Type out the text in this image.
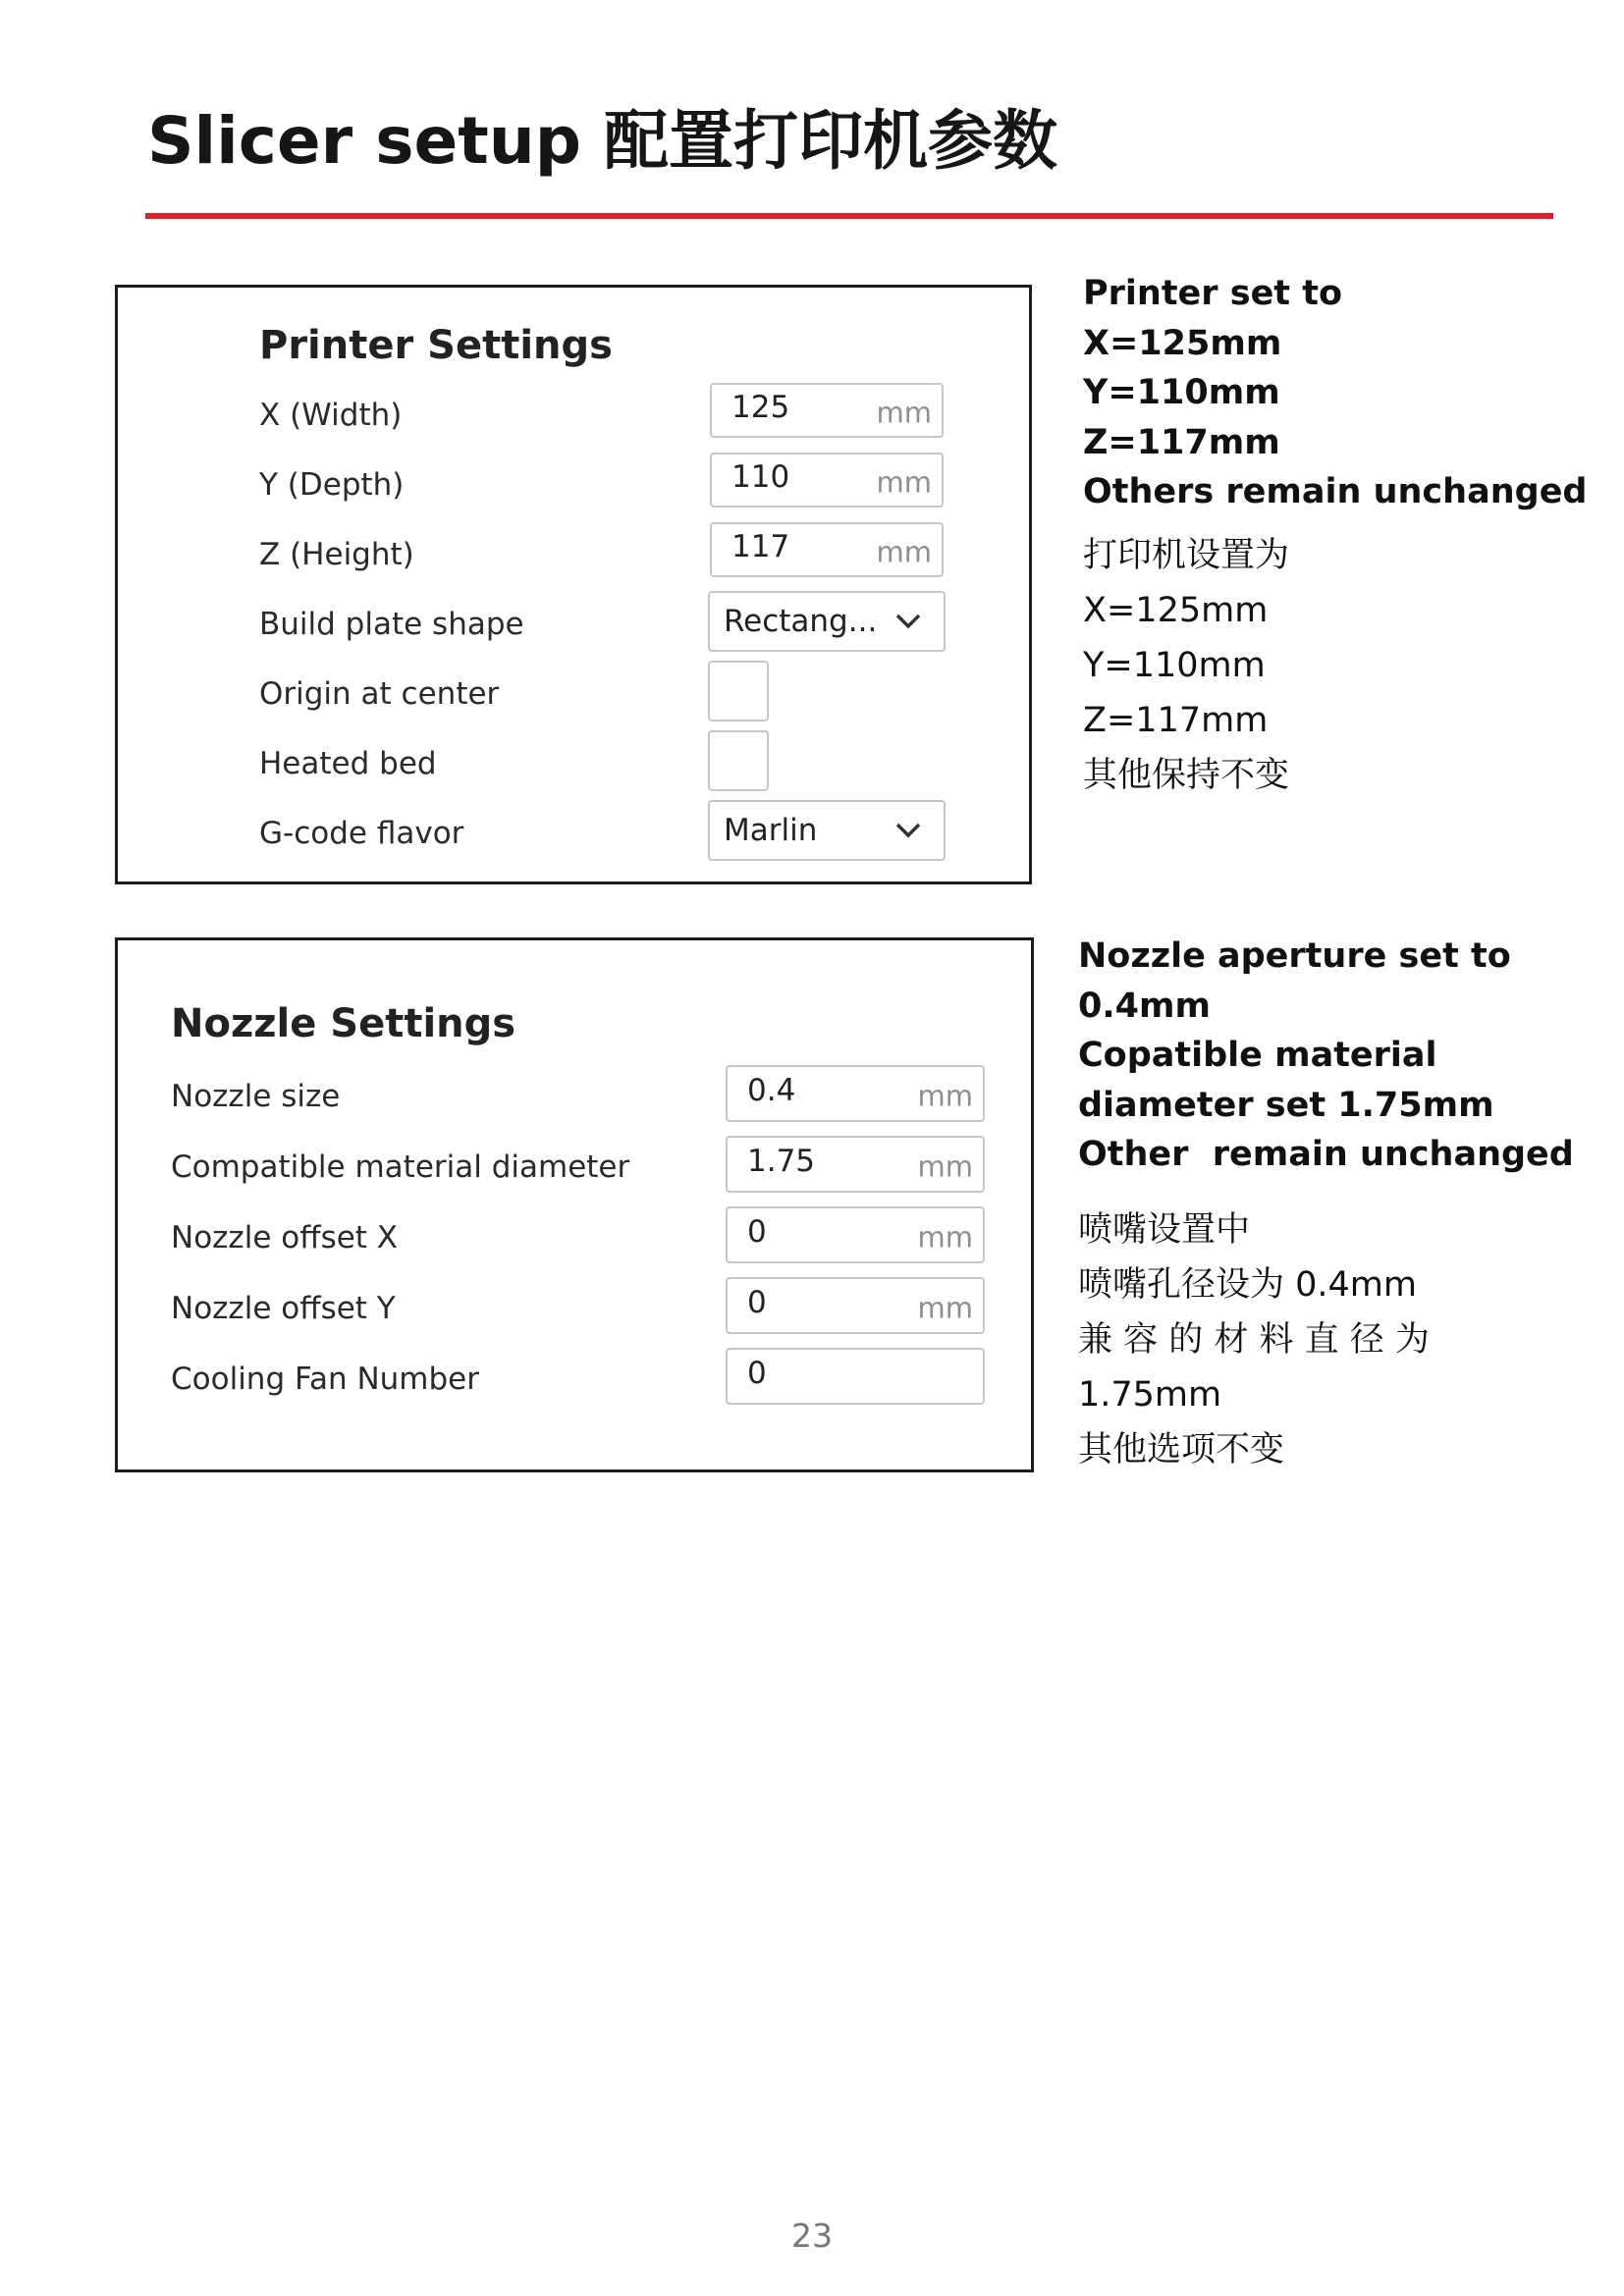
Slicer setup 配置打印机参数
Printer Settings
X (Width)	125	mm
Y (Depth)	110	mm
Z (Height)	117	mm
Build plate shape	Rectang...
Origin at center
Heated bed
G-code flavor	Marlin
Nozzle Settings
Nozzle size	0.4	mm
Compatible material diameter	1.75	mm
Nozzle offset X	0	mm
Nozzle offset Y	0	mm
Cooling Fan Number	0
Printer set to
X=125mm
Y=110mm
Z=117mm
Others remain unchanged
打印机设置为
X=125mm
Y=110mm
Z=117mm
其他保持不变
Nozzle aperture set to
0.4mm
Copatible material
diameter set 1.75mm
Other  remain unchanged
喷嘴设置中
喷嘴孔径设为 0.4mm
兼 容 的 材 料 直 径 为
1.75mm
其他选项不变
23
